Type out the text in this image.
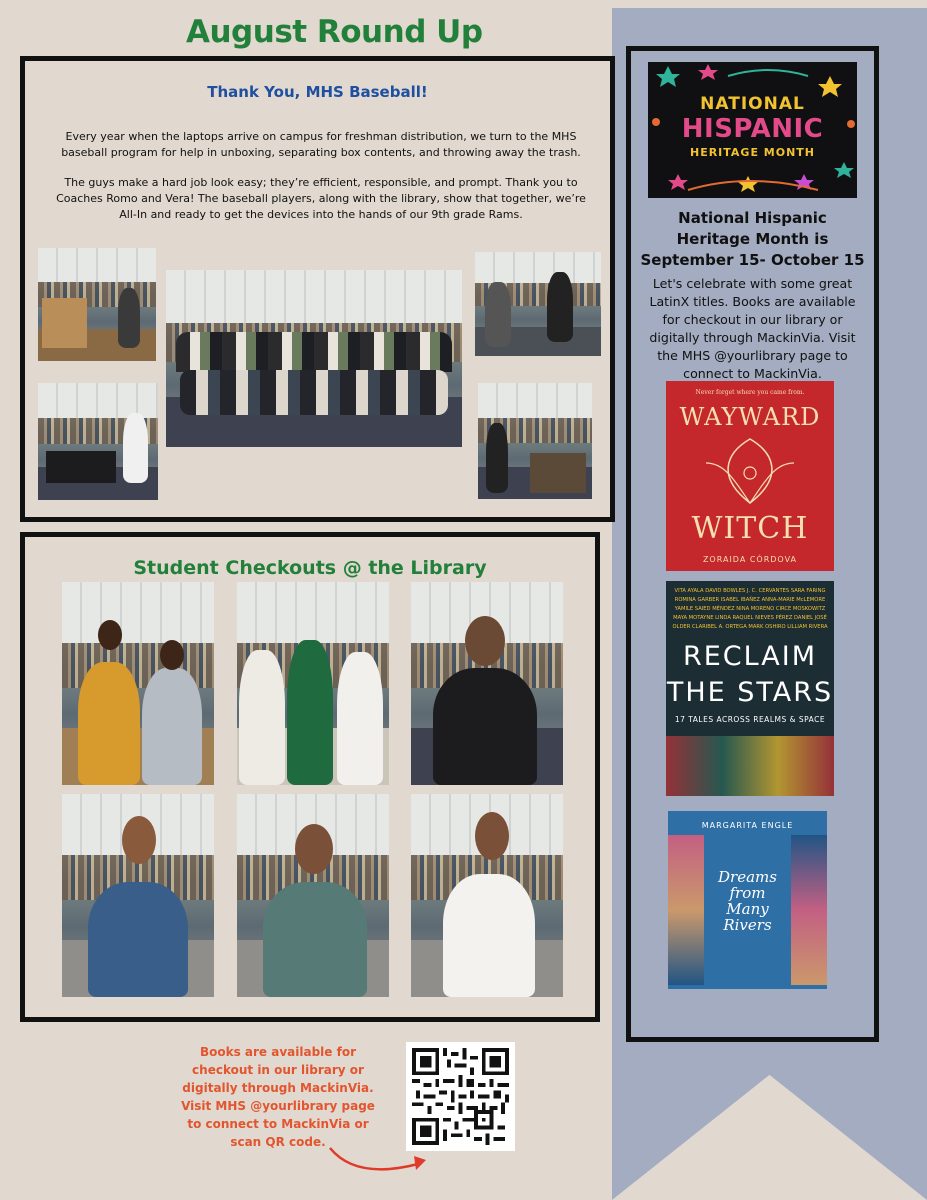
August Round Up
Thank You, MHS Baseball!

Every year when the laptops arrive on campus for freshman distribution, we turn to the MHS baseball program for help in unboxing, separating box contents, and throwing away the trash.

The guys make a hard job look easy; they’re efficient, responsible, and prompt. Thank you to Coaches Romo and Vera! The baseball players, along with the library, show that together, we’re All-In and ready to get the devices into the hands of our 9th grade Rams.

Student Checkouts @ the Library
NATIONAL
HISPANIC
HERITAGE MONTH
National Hispanic Heritage Month is September 15- October 15
Let's celebrate with some great LatinX titles. Books are available for checkout in our library or digitally through MackinVia. Visit the MHS @yourlibrary page to connect to MackinVia.
Never forget where you came from.
WAYWARD
WITCH
ZORAIDA CÓRDOVA
VITA AYALA DAVID BOWLES J. C. CERVANTES SARA FARING ROMINA GARBER ISABEL IBAÑEZ ANNA-MARIE McLEMORE YAMILE SAIED MÉNDEZ NINA MORENO CIRCE MOSKOWITZ MAYA MOTAYNE LINDA RAQUEL NIEVES PÉREZ DANIEL JOSÉ OLDER CLARIBEL A. ORTEGA MARK OSHIRO LILLIAM RIVERA
RECLAIM
THE STARS
17 TALES ACROSS REALMS & SPACE
MARGARITA ENGLE
Dreams from Many Rivers
Books are available for checkout in our library or digitally through MackinVia. Visit MHS @yourlibrary page to connect to MackinVia or scan QR code.
